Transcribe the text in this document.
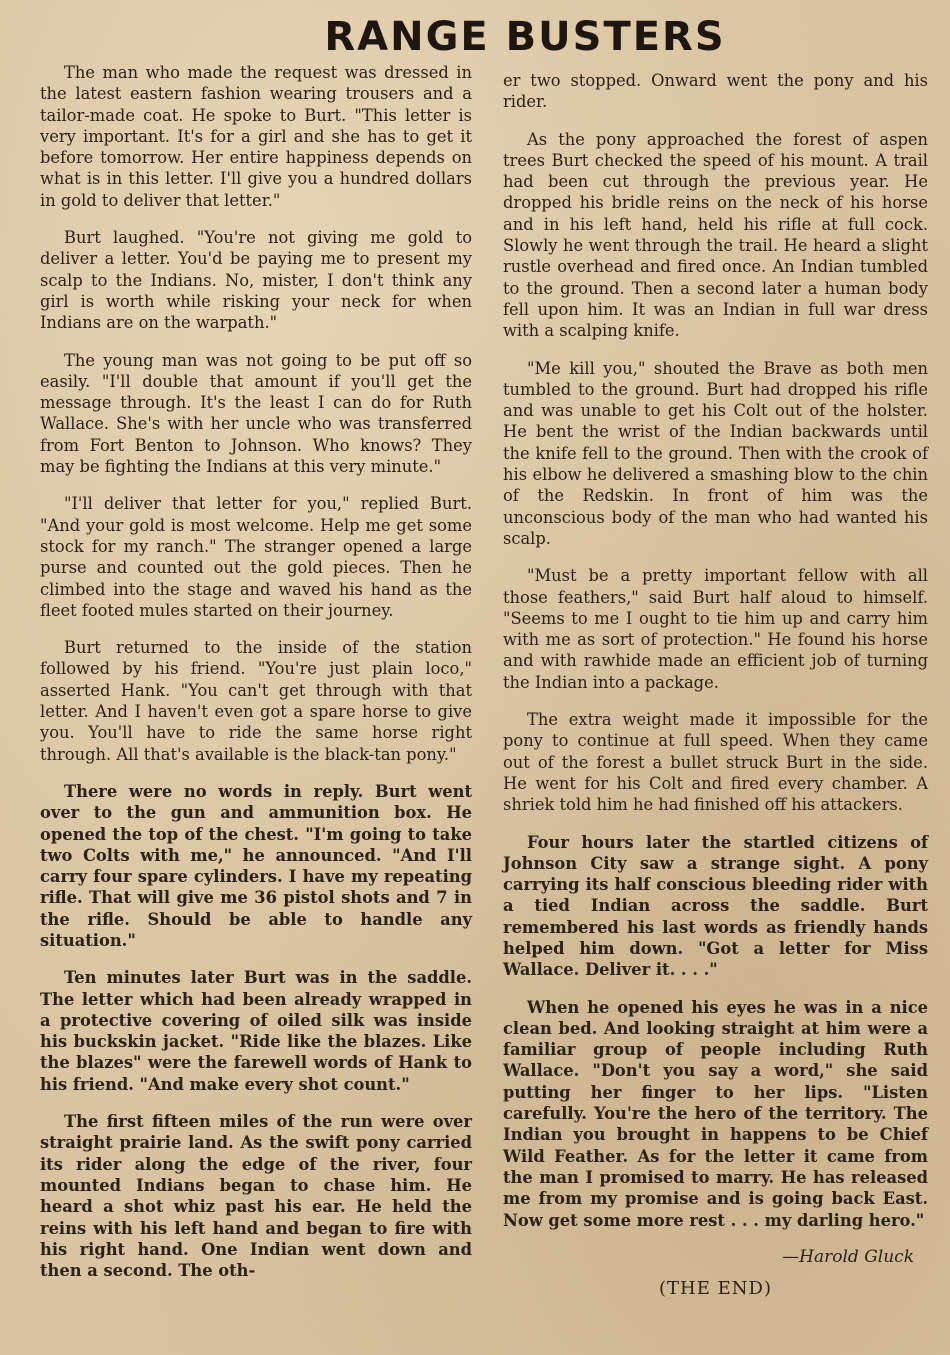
RANGE BUSTERS

The man who made the request was dressed in the latest eastern fashion wearing trousers and a tailor-made coat. He spoke to Burt. "This letter is very important. It's for a girl and she has to get it before tomorrow. Her entire happiness depends on what is in this letter. I'll give you a hundred dollars in gold to deliver that letter."

Burt laughed. "You're not giving me gold to deliver a letter. You'd be paying me to present my scalp to the Indians. No, mister, I don't think any girl is worth while risking your neck for when Indians are on the warpath."

The young man was not going to be put off so easily. "I'll double that amount if you'll get the message through. It's the least I can do for Ruth Wallace. She's with her uncle who was transferred from Fort Benton to Johnson. Who knows? They may be fighting the Indians at this very minute."

"I'll deliver that letter for you," replied Burt. "And your gold is most welcome. Help me get some stock for my ranch." The stranger opened a large purse and counted out the gold pieces. Then he climbed into the stage and waved his hand as the fleet footed mules started on their journey.

Burt returned to the inside of the station followed by his friend. "You're just plain loco," asserted Hank. "You can't get through with that letter. And I haven't even got a spare horse to give you. You'll have to ride the same horse right through. All that's available is the black-tan pony."

There were no words in reply. Burt went over to the gun and ammunition box. He opened the top of the chest. "I'm going to take two Colts with me," he announced. "And I'll carry four spare cylinders. I have my repeating rifle. That will give me 36 pistol shots and 7 in the rifle. Should be able to handle any situation."

Ten minutes later Burt was in the saddle. The letter which had been already wrapped in a protective covering of oiled silk was inside his buckskin jacket. "Ride like the blazes. Like the blazes" were the farewell words of Hank to his friend. "And make every shot count."

The first fifteen miles of the run were over straight prairie land. As the swift pony carried its rider along the edge of the river, four mounted Indians began to chase him. He heard a shot whiz past his ear. He held the reins with his left hand and began to fire with his right hand. One Indian went down and then a second. The oth-

er two stopped. Onward went the pony and his rider.

As the pony approached the forest of aspen trees Burt checked the speed of his mount. A trail had been cut through the previous year. He dropped his bridle reins on the neck of his horse and in his left hand, held his rifle at full cock. Slowly he went through the trail. He heard a slight rustle overhead and fired once. An Indian tumbled to the ground. Then a second later a human body fell upon him. It was an Indian in full war dress with a scalping knife.

"Me kill you," shouted the Brave as both men tumbled to the ground. Burt had dropped his rifle and was unable to get his Colt out of the holster. He bent the wrist of the Indian backwards until the knife fell to the ground. Then with the crook of his elbow he delivered a smashing blow to the chin of the Redskin. In front of him was the unconscious body of the man who had wanted his scalp.

"Must be a pretty important fellow with all those feathers," said Burt half aloud to himself. "Seems to me I ought to tie him up and carry him with me as sort of protection." He found his horse and with rawhide made an efficient job of turning the Indian into a package.

The extra weight made it impossible for the pony to continue at full speed. When they came out of the forest a bullet struck Burt in the side. He went for his Colt and fired every chamber. A shriek told him he had finished off his attackers.

Four hours later the startled citizens of Johnson City saw a strange sight. A pony carrying its half conscious bleeding rider with a tied Indian across the saddle. Burt remembered his last words as friendly hands helped him down. "Got a letter for Miss Wallace. Deliver it. . . ."

When he opened his eyes he was in a nice clean bed. And looking straight at him were a familiar group of people including Ruth Wallace. "Don't you say a word," she said putting her finger to her lips. "Listen carefully. You're the hero of the territory. The Indian you brought in happens to be Chief Wild Feather. As for the letter it came from the man I promised to marry. He has released me from my promise and is going back East. Now get some more rest . . . my darling hero."

—Harold Gluck
(THE END)
